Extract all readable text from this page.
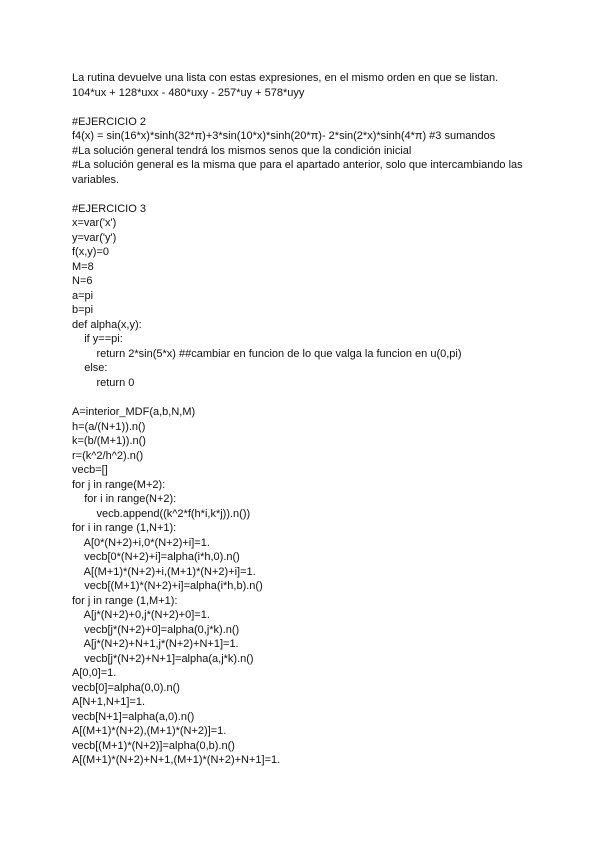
La rutina devuelve una lista con estas expresiones, en el mismo orden en que se listan.
104*ux + 128*uxx - 480*uxy - 257*uy + 578*uyy
#EJERCICIO 2
f4(x) = sin(16*x)*sinh(32*π)+3*sin(10*x)*sinh(20*π)- 2*sin(2*x)*sinh(4*π) #3 sumandos
#La solución general tendrá los mismos senos que la condición inicial
#La solución general es la misma que para el apartado anterior, solo que intercambiando las
variables.
#EJERCICIO 3
x=var('x')
y=var('y')
f(x,y)=0
M=8
N=6
a=pi
b=pi
def alpha(x,y):
if y==pi:
return 2*sin(5*x) ##cambiar en funcion de lo que valga la funcion en u(0,pi)
else:
return 0
A=interior_MDF(a,b,N,M)
h=(a/(N+1)).n()
k=(b/(M+1)).n()
r=(k^2/h^2).n()
vecb=[]
for j in range(M+2):
for i in range(N+2):
vecb.append((k^2*f(h*i,k*j)).n())
for i in range (1,N+1):
A[0*(N+2)+i,0*(N+2)+i]=1.
vecb[0*(N+2)+i]=alpha(i*h,0).n()
A[(M+1)*(N+2)+i,(M+1)*(N+2)+i]=1.
vecb[(M+1)*(N+2)+i]=alpha(i*h,b).n()
for j in range (1,M+1):
A[j*(N+2)+0,j*(N+2)+0]=1.
vecb[j*(N+2)+0]=alpha(0,j*k).n()
A[j*(N+2)+N+1,j*(N+2)+N+1]=1.
vecb[j*(N+2)+N+1]=alpha(a,j*k).n()
A[0,0]=1.
vecb[0]=alpha(0,0).n()
A[N+1,N+1]=1.
vecb[N+1]=alpha(a,0).n()
A[(M+1)*(N+2),(M+1)*(N+2)]=1.
vecb[(M+1)*(N+2)]=alpha(0,b).n()
A[(M+1)*(N+2)+N+1,(M+1)*(N+2)+N+1]=1.
